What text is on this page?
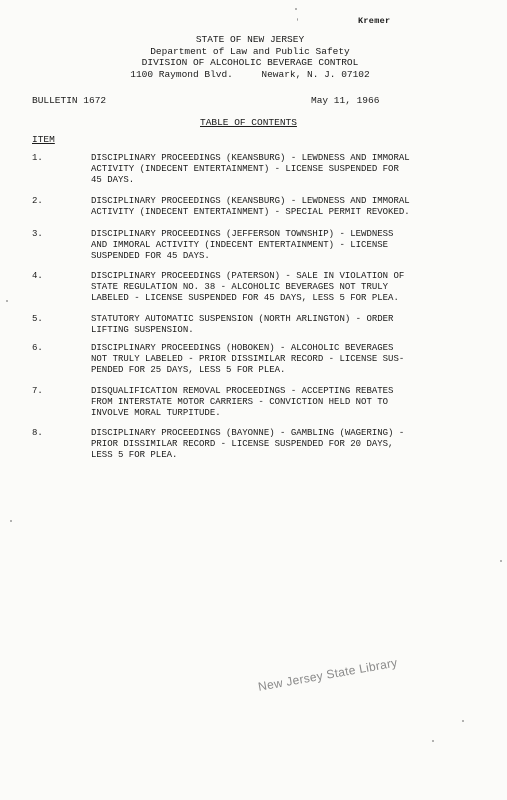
Kremer
STATE OF NEW JERSEY
Department of Law and Public Safety
DIVISION OF ALCOHOLIC BEVERAGE CONTROL
1100 Raymond Blvd.     Newark, N. J. 07102
BULLETIN 1672	May 11, 1966
TABLE OF CONTENTS
ITEM
1.	DISCIPLINARY PROCEEDINGS (KEANSBURG) - LEWDNESS AND IMMORAL
ACTIVITY (INDECENT ENTERTAINMENT) - LICENSE SUSPENDED FOR
45 DAYS.
2.	DISCIPLINARY PROCEEDINGS (KEANSBURG) - LEWDNESS AND IMMORAL
ACTIVITY (INDECENT ENTERTAINMENT) - SPECIAL PERMIT REVOKED.
3.	DISCIPLINARY PROCEEDINGS (JEFFERSON TOWNSHIP) - LEWDNESS
AND IMMORAL ACTIVITY (INDECENT ENTERTAINMENT) - LICENSE
SUSPENDED FOR 45 DAYS.
4.	DISCIPLINARY PROCEEDINGS (PATERSON) - SALE IN VIOLATION OF
STATE REGULATION NO. 38 - ALCOHOLIC BEVERAGES NOT TRULY
LABELED - LICENSE SUSPENDED FOR 45 DAYS, LESS 5 FOR PLEA.
5.	STATUTORY AUTOMATIC SUSPENSION (NORTH ARLINGTON) - ORDER
LIFTING SUSPENSION.
6.	DISCIPLINARY PROCEEDINGS (HOBOKEN) - ALCOHOLIC BEVERAGES
NOT TRULY LABELED - PRIOR DISSIMILAR RECORD - LICENSE SUS-
PENDED FOR 25 DAYS, LESS 5 FOR PLEA.
7.	DISQUALIFICATION REMOVAL PROCEEDINGS - ACCEPTING REBATES
FROM INTERSTATE MOTOR CARRIERS - CONVICTION HELD NOT TO
INVOLVE MORAL TURPITUDE.
8.	DISCIPLINARY PROCEEDINGS (BAYONNE) - GAMBLING (WAGERING) -
PRIOR DISSIMILAR RECORD - LICENSE SUSPENDED FOR 20 DAYS,
LESS 5 FOR PLEA.
New Jersey State Library
